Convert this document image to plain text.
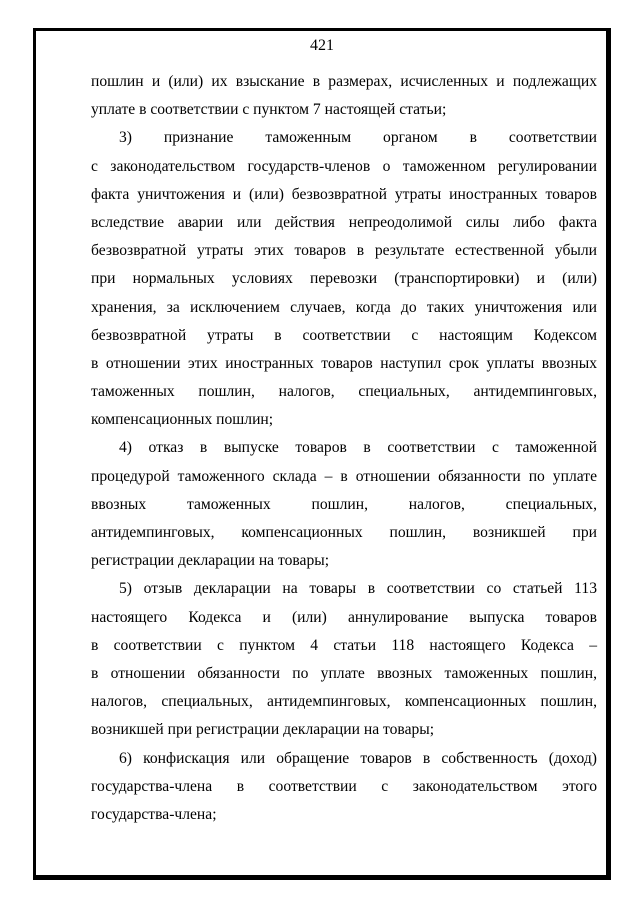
421
пошлин и (или) их взыскание в размерах, исчисленных и подлежащих
уплате в соответствии с пунктом 7 настоящей статьи;
3) признание таможенным органом в соответствии
с законодательством государств-членов о таможенном регулировании
факта уничтожения и (или) безвозвратной утраты иностранных товаров
вследствие аварии или действия непреодолимой силы либо факта
безвозвратной утраты этих товаров в результате естественной убыли
при нормальных условиях перевозки (транспортировки) и (или)
хранения, за исключением случаев, когда до таких уничтожения или
безвозвратной утраты в соответствии с настоящим Кодексом
в отношении этих иностранных товаров наступил срок уплаты ввозных
таможенных пошлин, налогов, специальных, антидемпинговых,
компенсационных пошлин;
4) отказ в выпуске товаров в соответствии с таможенной
процедурой таможенного склада – в отношении обязанности по уплате
ввозных таможенных пошлин, налогов, специальных,
антидемпинговых, компенсационных пошлин, возникшей при
регистрации декларации на товары;
5) отзыв декларации на товары в соответствии со статьей 113
настоящего Кодекса и (или) аннулирование выпуска товаров
в соответствии с пунктом 4 статьи 118 настоящего Кодекса –
в отношении обязанности по уплате ввозных таможенных пошлин,
налогов, специальных, антидемпинговых, компенсационных пошлин,
возникшей при регистрации декларации на товары;
6) конфискация или обращение товаров в собственность (доход)
государства-члена в соответствии с законодательством этого
государства-члена;
